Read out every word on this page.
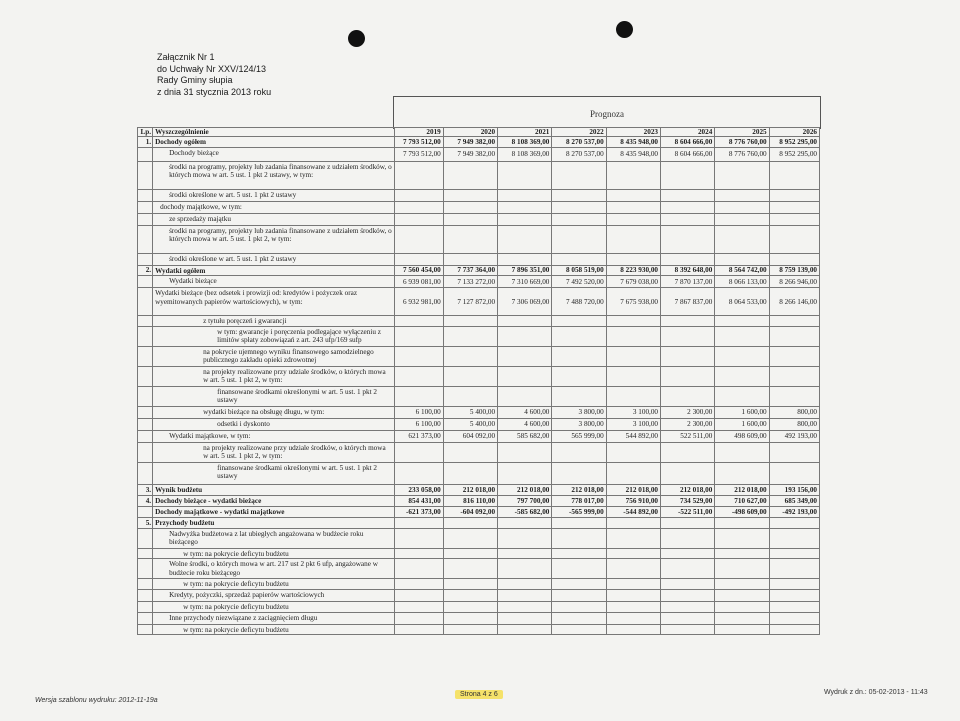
Załącznik Nr 1
do Uchwały Nr XXV/124/13
Rady Gminy słupia
z dnia 31 stycznia 2013 roku
Prognoza
Lp.	Wyszczególnienie	2019	2020	2021	2022	2023	2024	2025	2026
1.	Dochody ogółem	7 793 512,00	7 949 382,00	8 108 369,00	8 270 537,00	8 435 948,00	8 604 666,00	8 776 760,00	8 952 295,00
	Dochody bieżące	7 793 512,00	7 949 382,00	8 108 369,00	8 270 537,00	8 435 948,00	8 604 666,00	8 776 760,00	8 952 295,00
	środki na programy, projekty lub zadania finansowane z udziałem środków, o których mowa w art. 5 ust. 1 pkt 2 ustawy, w tym:								
	środki określone w art. 5 ust. 1 pkt 2 ustawy								
	dochody majątkowe, w tym:								
	ze sprzedaży majątku								
	środki na programy, projekty lub zadania finansowane z udziałem środków, o których mowa w art. 5 ust. 1 pkt 2, w tym:								
	środki określone w art. 5 ust. 1 pkt 2 ustawy								
2.	Wydatki ogółem	7 560 454,00	7 737 364,00	7 896 351,00	8 058 519,00	8 223 930,00	8 392 648,00	8 564 742,00	8 759 139,00
	Wydatki bieżące	6 939 081,00	7 133 272,00	7 310 669,00	7 492 520,00	7 679 038,00	7 870 137,00	8 066 133,00	8 266 946,00
	Wydatki bieżące (bez odsetek i prowizji od: kredytów i pożyczek oraz wyemitowanych papierów wartościowych), w tym:	6 932 981,00	7 127 872,00	7 306 069,00	7 488 720,00	7 675 938,00	7 867 837,00	8 064 533,00	8 266 146,00
	z tytułu poręczeń i gwarancji								
	w tym: gwarancje i poręczenia podlegające wyłączeniu z limitów spłaty zobowiązań z art. 243 ufp/169 sufp								
	na pokrycie ujemnego wyniku finansowego samodzielnego publicznego zakładu opieki zdrowotnej								
	na projekty realizowane przy udziale środków, o których mowa w art. 5 ust. 1 pkt 2, w tym:								
	finansowane środkami określonymi w art. 5 ust. 1 pkt 2 ustawy								
	wydatki bieżące na obsługę długu, w tym:	6 100,00	5 400,00	4 600,00	3 800,00	3 100,00	2 300,00	1 600,00	800,00
	odsetki i dyskonto	6 100,00	5 400,00	4 600,00	3 800,00	3 100,00	2 300,00	1 600,00	800,00
	Wydatki majątkowe, w tym:	621 373,00	604 092,00	585 682,00	565 999,00	544 892,00	522 511,00	498 609,00	492 193,00
	na projekty realizowane przy udziale środków, o których mowa w art. 5 ust. 1 pkt 2, w tym:								
	finansowane środkami określonymi w art. 5 ust. 1 pkt 2 ustawy								
3.	Wynik budżetu	233 058,00	212 018,00	212 018,00	212 018,00	212 018,00	212 018,00	212 018,00	193 156,00
4.	Dochody bieżące - wydatki bieżące	854 431,00	816 110,00	797 700,00	778 017,00	756 910,00	734 529,00	710 627,00	685 349,00
	Dochody majątkowe - wydatki majątkowe	-621 373,00	-604 092,00	-585 682,00	-565 999,00	-544 892,00	-522 511,00	-498 609,00	-492 193,00
5.	Przychody budżetu								
	Nadwyżka budżetowa z lat ubiegłych angażowana w budżecie roku bieżącego								
	w tym: na pokrycie deficytu budżetu								
	Wolne środki, o których mowa w art. 217 ust 2 pkt 6 ufp, angażowane w budżecie roku bieżącego								
	w tym: na pokrycie deficytu budżetu								
	Kredyty, pożyczki, sprzedaż papierów wartościowych								
	w tym: na pokrycie deficytu budżetu								
	Inne przychody niezwiązane z zaciągnięciem długu								
	w tym: na pokrycie deficytu budżetu								
Wersja szablonu wydruku: 2012-11-19a
Strona 4 z 6	Wydruk z dn.: 05-02-2013 - 11:43
